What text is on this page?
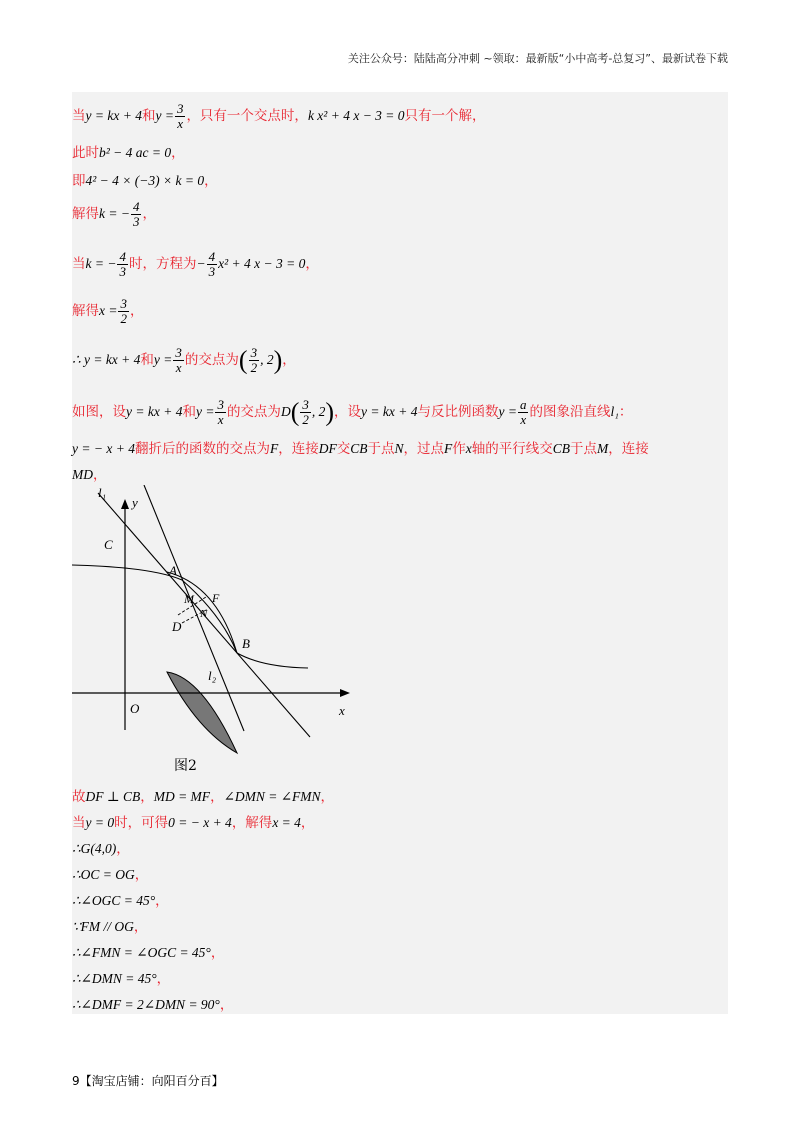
关注公众号：陆陆高分冲刺 ~领取：最新版“小中高考-总复习”、最新试卷下载
当y = kx + 4和$y = \frac{3}{x}$ ，只有一个交点时，k x² + 4 x − 3 = 0只有一个解，
此时b² − 4 ac = 0，
即4² − 4 × (−3) × k = 0，
解得k = − $\frac{4}{3}$ ，
当k = − $\frac{4}{3}$ 时，方程为− $\frac{4}{3} x^2 + 4$ x − 3 = 0，
解得$x = \frac{3}{2}$ ，
∴ y = kx + 4和$y = \frac{3}{x}$ 的交点为( $\frac{3}{2}$ , 2)，
如图，设y = kx + 4和$y = \frac{3}{x}$ 的交点为$D( \frac{3}{2}$ , 2)，设y = kx + 4与反比例函数$y = \frac{a}{x}$ 的图象沿直线l₁：
y = − x + 4翻折后的函数的交点为F，连接DF交CB于点N，过点F作x轴的平行线交CB于点M，连接
MD，
l₁
y
C
A
M F
N
D
B
l₂
O	x
图2
故DF ⊥ CB，MD = MF，∠DMN = ∠FMN，
当y = 0时，可得0 = − x + 4，解得x = 4，
∴G(4,0)，
∴OC = OG，
∴∠OGC = 45°，
∵FM // OG，
∴∠FMN = ∠OGC = 45°，
∴∠DMN = 45°，
∴∠DMF = 2∠DMN = 90°，
9【淘宝店铺：向阳百分百】
